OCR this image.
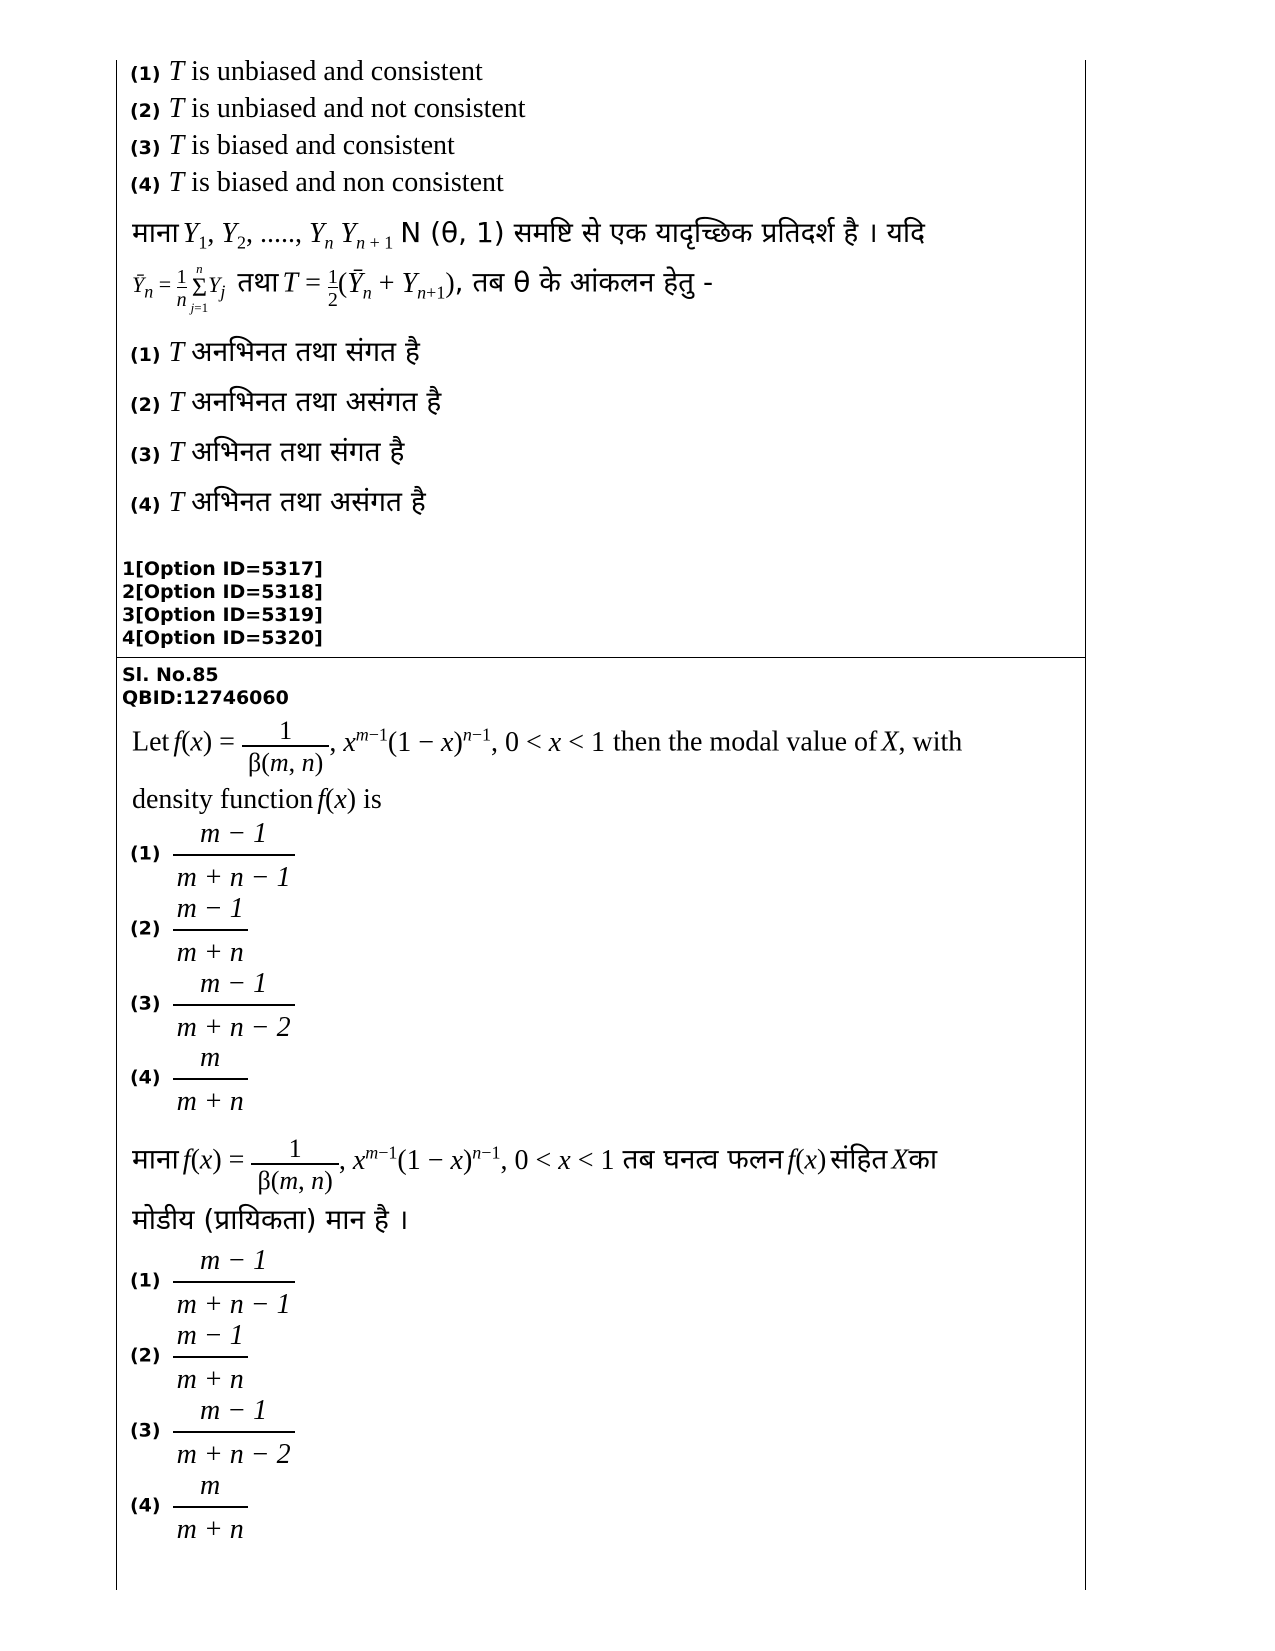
(1) T is unbiased and consistent
(2) T is unbiased and not consistent
(3) T is biased and consistent
(4) T is biased and non consistent
माना $Y_1$, $Y_2$, ....., $Y_n$ $Y_{n + 1}$ N (θ, 1) समष्टि से एक यादृच्छिक प्रतिदर्श है । यदि
$Ȳ_n = \frac{1}{n}$
n
Σ
j=1
$Y_j$ तथा $T = \frac{1}{2}$ $(Ȳ_n + Y_{n+1})$, तब θ के आंकलन हेतु -
(1) T अनभिनत तथा संगत है
(2) T अनभिनत तथा असंगत है
(3) T अभिनत तथा संगत है
(4) T अभिनत तथा असंगत है
1[Option ID=5317]
2[Option ID=5318]
3[Option ID=5319]
4[Option ID=5320]
Sl. No.85
QBID:12746060
Let $f(x) = \frac{1}{\beta(m, n)}$ , $x^{m-1}(1 - x)^{n-1}$, 0 < x < 1 then the modal value of X, with
density function f(x) is
$(1) \frac{m - 1}{m + n - 1}$
$(2) \frac{m - 1}{m + n}$
$(3) \frac{m - 1}{m + n - 2}$
$(4) \frac{m}{m + n}$
माना $f(x) = \frac{1}{\beta(m, n)}$ , $x^{m-1}(1 - x)^{n-1}$, 0 < x < 1 तब घनत्व फलन f(x) संहित Xका
मोडीय (प्रायिकता) मान है ।
$(1) \frac{m - 1}{m + n - 1}$
$(2) \frac{m - 1}{m + n}$
$(3) \frac{m - 1}{m + n - 2}$
$(4) \frac{m}{m + n}$
